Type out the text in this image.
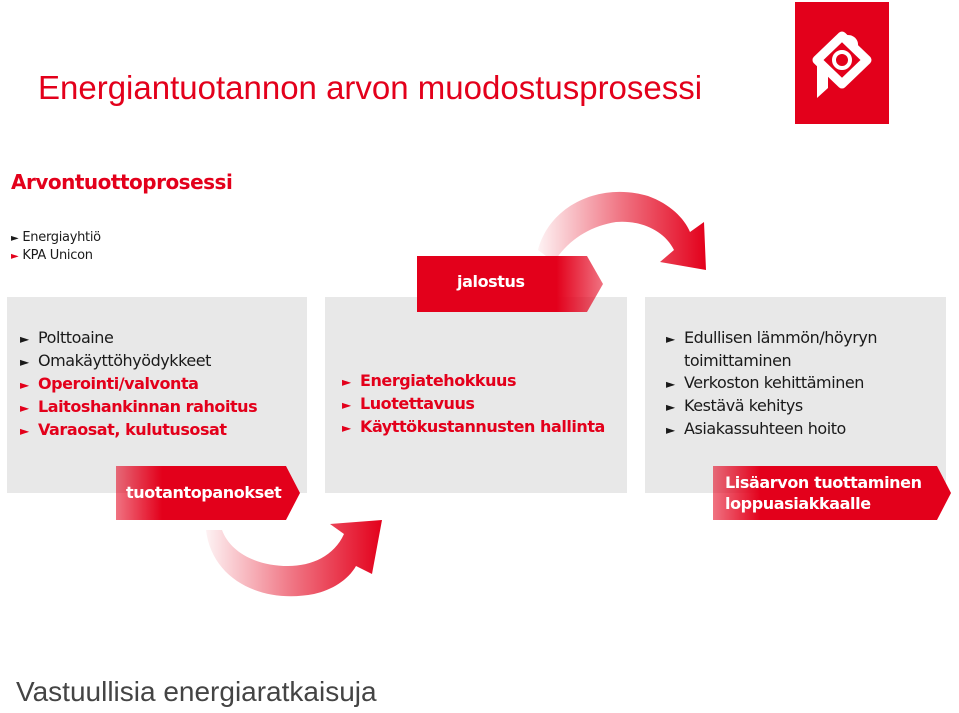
Energiantuotannon arvon muodostusprosessi
Arvontuottoprosessi
► Energiayhtiö
► KPA Unicon
► Polttoaine
► Omakäyttöhyödykkeet
► Operointi/valvonta
► Laitoshankinnan rahoitus
► Varaosat, kulutusosat
► Energiatehokkuus
► Luotettavuus
► Käyttökustannusten hallinta
► Edullisen lämmön/höyryn
toimittaminen
► Verkoston kehittäminen
► Kestävä kehitys
► Asiakassuhteen hoito
jalostus
tuotantopanokset
Lisäarvon tuottaminen
loppuasiakkaalle
Vastuullisia energiaratkaisuja
